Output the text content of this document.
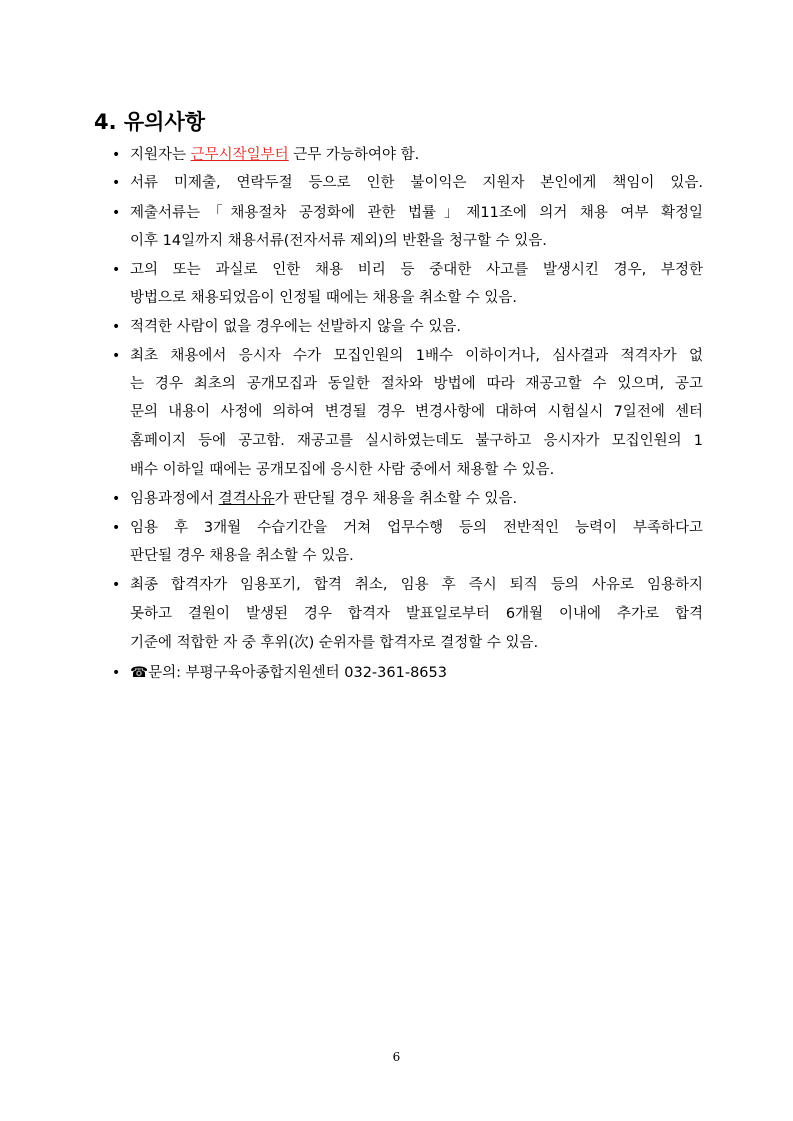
4. 유의사항
• 지원자는 근무시작일부터 근무 가능하여야 함.
• 서류 미제출, 연락두절 등으로 인한 불이익은 지원자 본인에게 책임이 있음.
• 제출서류는「채용절차 공정화에 관한 법률」제11조에 의거 채용 여부 확정일
이후 14일까지 채용서류(전자서류 제외)의 반환을 청구할 수 있음.
• 고의 또는 과실로 인한 채용 비리 등 중대한 사고를 발생시킨 경우, 부정한
방법으로 채용되었음이 인정될 때에는 채용을 취소할 수 있음.
• 적격한 사람이 없을 경우에는 선발하지 않을 수 있음.
• 최초 채용에서 응시자 수가 모집인원의 1배수 이하이거나, 심사결과 적격자가 없
는 경우 최초의 공개모집과 동일한 절차와 방법에 따라 재공고할 수 있으며, 공고
문의 내용이 사정에 의하여 변경될 경우 변경사항에 대하여 시험실시 7일전에 센터
홈페이지 등에 공고함. 재공고를 실시하였는데도 불구하고 응시자가 모집인원의 1
배수 이하일 때에는 공개모집에 응시한 사람 중에서 채용할 수 있음.
• 임용과정에서 결격사유가 판단될 경우 채용을 취소할 수 있음.
• 임용 후 3개월 수습기간을 거쳐 업무수행 등의 전반적인 능력이 부족하다고
판단될 경우 채용을 취소할 수 있음.
• 최종 합격자가 임용포기, 합격 취소, 임용 후 즉시 퇴직 등의 사유로 임용하지
못하고 결원이 발생된 경우 합격자 발표일로부터 6개월 이내에 추가로 합격
기준에 적합한 자 중 후위(次) 순위자를 합격자로 결정할 수 있음.
• ☎문의: 부평구육아종합지원센터 032-361-8653
6
